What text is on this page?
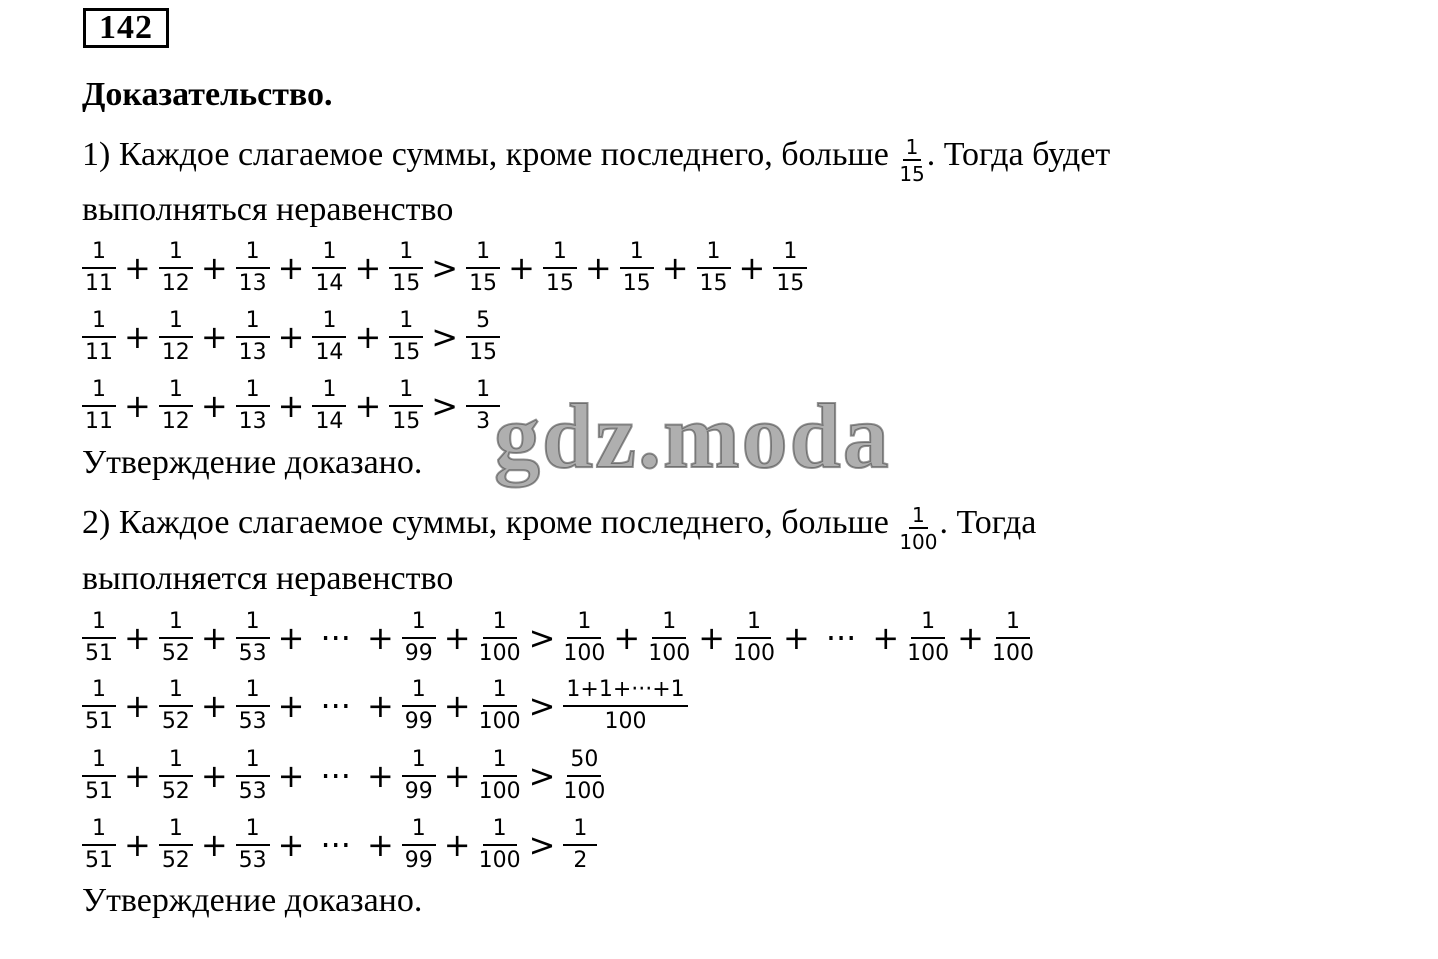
142
Доказательство.
1) Каждое слагаемое суммы, кроме последнего, больше $\frac{1}{15}$ . Тогда будет
выполняться неравенство
$\frac{1}{11} + \frac{1}{12} + \frac{1}{13} + \frac{1}{14} + \frac{1}{15} > \frac{1}{15} + \frac{1}{15} + \frac{1}{15} + \frac{1}{15} + \frac{1}{15}$
$\frac{1}{11} + \frac{1}{12} + \frac{1}{13} + \frac{1}{14} + \frac{1}{15} > \frac{5}{15}$
$\frac{1}{11} + \frac{1}{12} + \frac{1}{13} + \frac{1}{14} + \frac{1}{15} > \frac{1}{3}$
Утверждение доказано.
2) Каждое слагаемое суммы, кроме последнего, больше $\frac{1}{100}$ . Тогда
выполняется неравенство
$\frac{1}{51} + \frac{1}{52} + \frac{1}{53}$ + ··· + $\frac{1}{99} + \frac{1}{100} > \frac{1}{100} + \frac{1}{100} + \frac{1}{100}$ + ··· + $\frac{1}{100} + \frac{1}{100}$
$\frac{1}{51} + \frac{1}{52} + \frac{1}{53}$ + ··· + $\frac{1}{99} + \frac{1}{100} > \frac{1+1+\cdot\cdot\cdot+1}{100}$
$\frac{1}{51} + \frac{1}{52} + \frac{1}{53}$ + ··· + $\frac{1}{99} + \frac{1}{100} > \frac{50}{100}$
$\frac{1}{51} + \frac{1}{52} + \frac{1}{53}$ + ··· + $\frac{1}{99} + \frac{1}{100} > \frac{1}{2}$
Утверждение доказано.
gdz.moda
